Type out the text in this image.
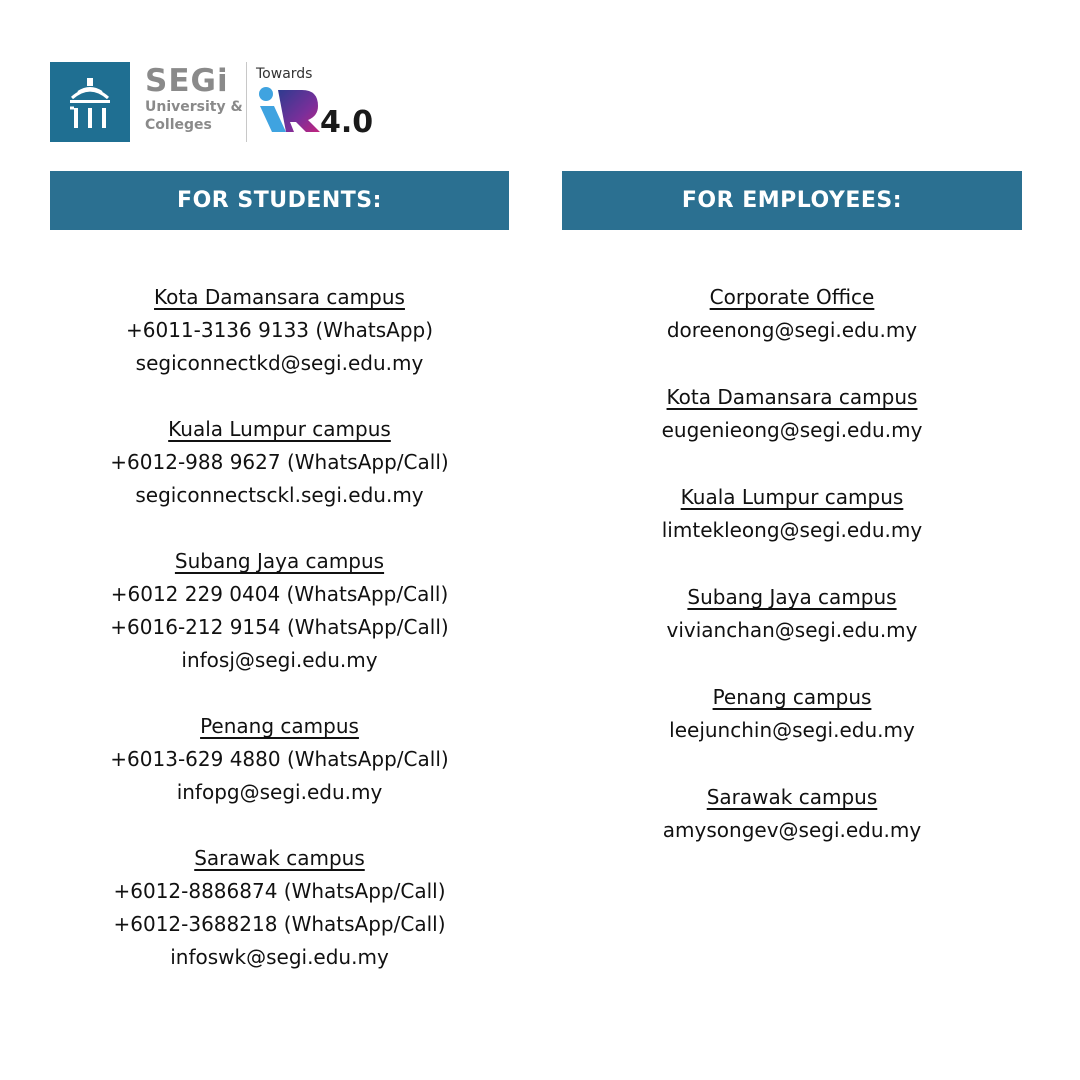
SEGi
University &
Colleges
Towards
4.0
FOR STUDENTS:	FOR EMPLOYEES:
Kota Damansara campus
+6011-3136 9133 (WhatsApp)
segiconnectkd@segi.edu.my
Kuala Lumpur campus
+6012-988 9627 (WhatsApp/Call)
segiconnectsckl.segi.edu.my
Subang Jaya campus
+6012 229 0404 (WhatsApp/Call)
+6016-212 9154 (WhatsApp/Call)
infosj@segi.edu.my
Penang campus
+6013-629 4880 (WhatsApp/Call)
infopg@segi.edu.my
Sarawak campus
+6012-8886874 (WhatsApp/Call)
+6012-3688218 (WhatsApp/Call)
infoswk@segi.edu.my
Corporate Office
doreenong@segi.edu.my
Kota Damansara campus
eugenieong@segi.edu.my
Kuala Lumpur campus
limtekleong@segi.edu.my
Subang Jaya campus
vivianchan@segi.edu.my
Penang campus
leejunchin@segi.edu.my
Sarawak campus
amysongev@segi.edu.my
